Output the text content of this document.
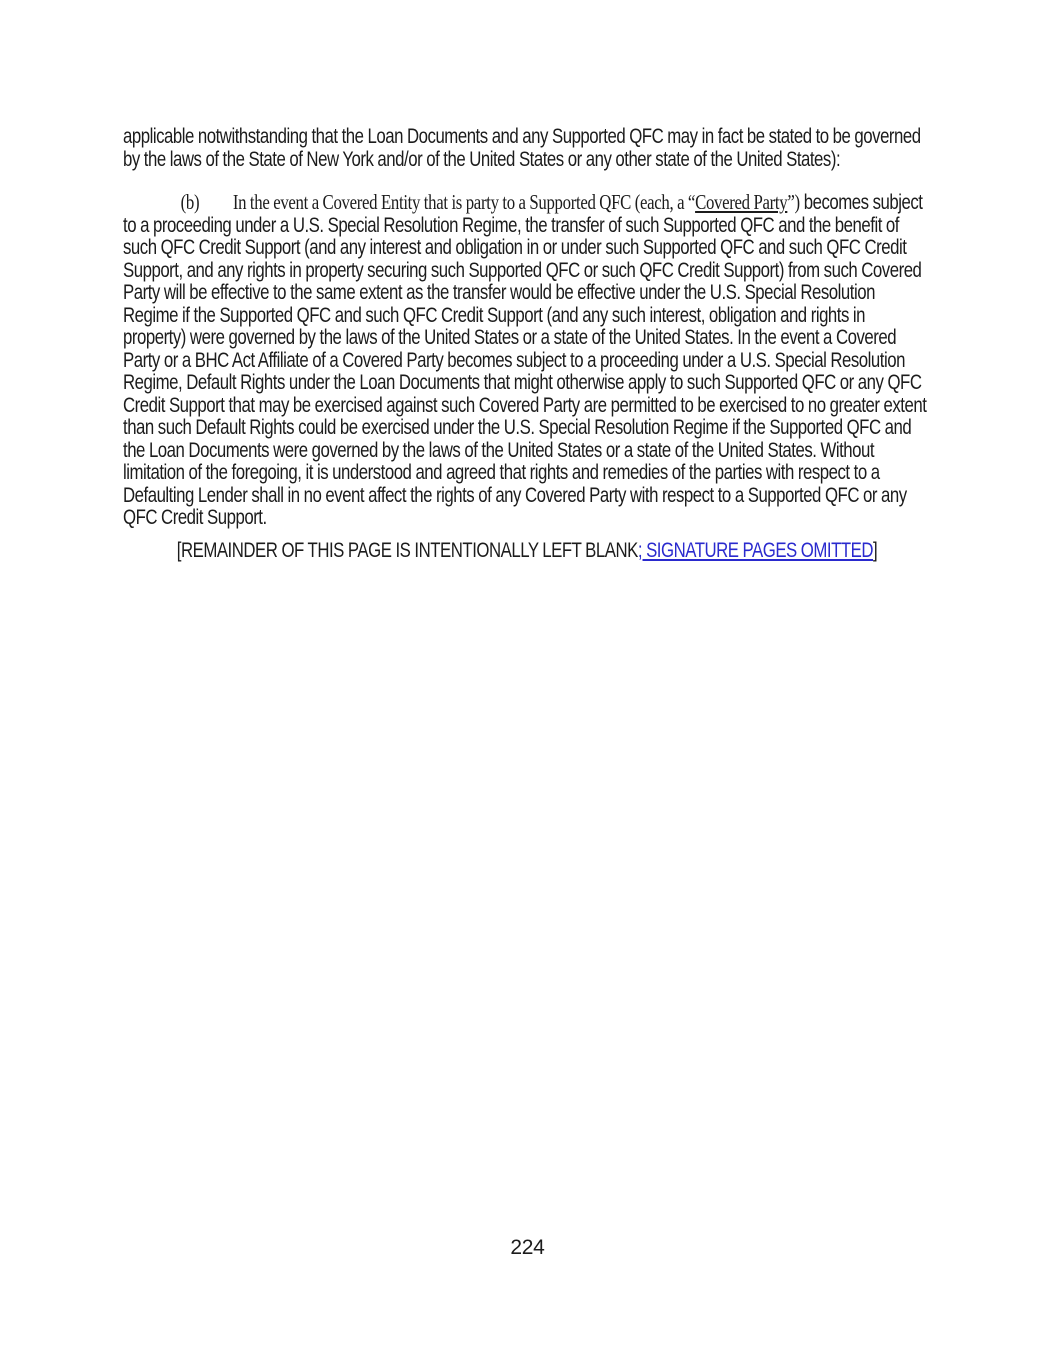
applicable notwithstanding that the Loan Documents and any Supported QFC may in fact be stated to be governed by the laws of the State of New York and/or of the United States or any other state of the United States):

(b) In the event a Covered Entity that is party to a Supported QFC (each, a “Covered Party”) becomes subject to a proceeding under a U.S. Special Resolution Regime, the transfer of such Supported QFC and the benefit of such QFC Credit Support (and any interest and obligation in or under such Supported QFC and such QFC Credit Support, and any rights in property securing such Supported QFC or such QFC Credit Support) from such Covered Party will be effective to the same extent as the transfer would be effective under the U.S. Special Resolution Regime if the Supported QFC and such QFC Credit Support (and any such interest, obligation and rights in property) were governed by the laws of the United States or a state of the United States. In the event a Covered Party or a BHC Act Affiliate of a Covered Party becomes subject to a proceeding under a U.S. Special Resolution Regime, Default Rights under the Loan Documents that might otherwise apply to such Supported QFC or any QFC Credit Support that may be exercised against such Covered Party are permitted to be exercised to no greater extent than such Default Rights could be exercised under the U.S. Special Resolution Regime if the Supported QFC and the Loan Documents were governed by the laws of the United States or a state of the United States. Without limitation of the foregoing, it is understood and agreed that rights and remedies of the parties with respect to a Defaulting Lender shall in no event affect the rights of any Covered Party with respect to a Supported QFC or any QFC Credit Support.

[REMAINDER OF THIS PAGE IS INTENTIONALLY LEFT BLANK; SIGNATURE PAGES OMITTED]

224
